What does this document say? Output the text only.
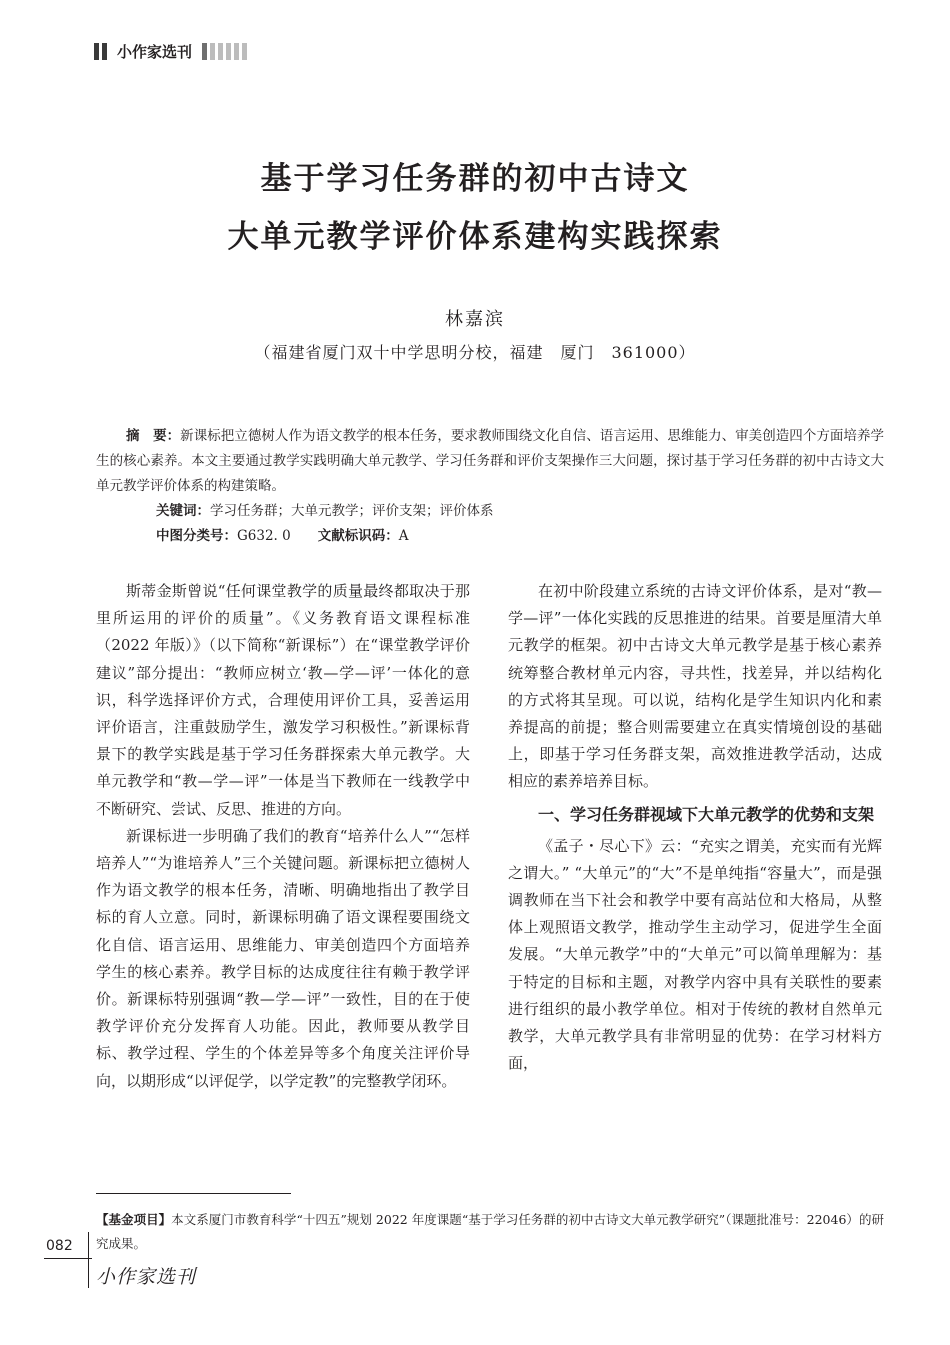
小作家选刊
基于学习任务群的初中古诗文
大单元教学评价体系建构实践探索
林嘉滨
（福建省厦门双十中学思明分校，福建　厦门　361000）

摘　要：新课标把立德树人作为语文教学的根本任务，要求教师围绕文化自信、语言运用、思维能力、审美创造四个方面培养学生的核心素养。本文主要通过教学实践明确大单元教学、学习任务群和评价支架操作三大问题，探讨基于学习任务群的初中古诗文大单元教学评价体系的构建策略。

关键词：学习任务群；大单元教学；评价支架；评价体系

中图分类号：G632. 0　　 文献标识码：A

斯蒂金斯曾说“任何课堂教学的质量最终都取决于那里所运用的评价的质量”。《义务教育语文课程标准（2022 年版）》（以下简称“新课标”）在“课堂教学评价建议”部分提出：“教师应树立‘教—学—评’一体化的意识，科学选择评价方式，合理使用评价工具，妥善运用评价语言，注重鼓励学生，激发学习积极性。”新课标背景下的教学实践是基于学习任务群探索大单元教学。大单元教学和“教—学—评”一体是当下教师在一线教学中不断研究、尝试、反思、推进的方向。

新课标进一步明确了我们的教育“培养什么人”“怎样培养人”“为谁培养人”三个关键问题。新课标把立德树人作为语文教学的根本任务，清晰、明确地指出了教学目标的育人立意。同时，新课标明确了语文课程要围绕文化自信、语言运用、思维能力、审美创造四个方面培养学生的核心素养。教学目标的达成度往往有赖于教学评价。新课标特别强调“教—学—评”一致性，目的在于使教学评价充分发挥育人功能。因此，教师要从教学目标、教学过程、学生的个体差异等多个角度关注评价导向，以期形成“以评促学，以学定教”的完整教学闭环。

在初中阶段建立系统的古诗文评价体系，是对“教—学—评”一体化实践的反思推进的结果。首要是厘清大单元教学的框架。初中古诗文大单元教学是基于核心素养统筹整合教材单元内容，寻共性，找差异，并以结构化的方式将其呈现。可以说，结构化是学生知识内化和素养提高的前提；整合则需要建立在真实情境创设的基础上，即基于学习任务群支架，高效推进教学活动，达成相应的素养培养目标。

一、学习任务群视域下大单元教学的优势和支架

《孟子・尽心下》云：“充实之谓美，充实而有光辉之谓大。” “大单元”的“大”不是单纯指“容量大”，而是强调教师在当下社会和教学中要有高站位和大格局，从整体上观照语文教学，推动学生主动学习，促进学生全面发展。“大单元教学”中的“大单元”可以简单理解为：基于特定的目标和主题，对教学内容中具有关联性的要素进行组织的最小教学单位。相对于传统的教材自然单元教学，大单元教学具有非常明显的优势：在学习材料方面，

【基金项目】本文系厦门市教育科学“十四五”规划 2022 年度课题“基于学习任务群的初中古诗文大单元教学研究”（课题批准号：22046）的研究成果。
082
小作家选刊
